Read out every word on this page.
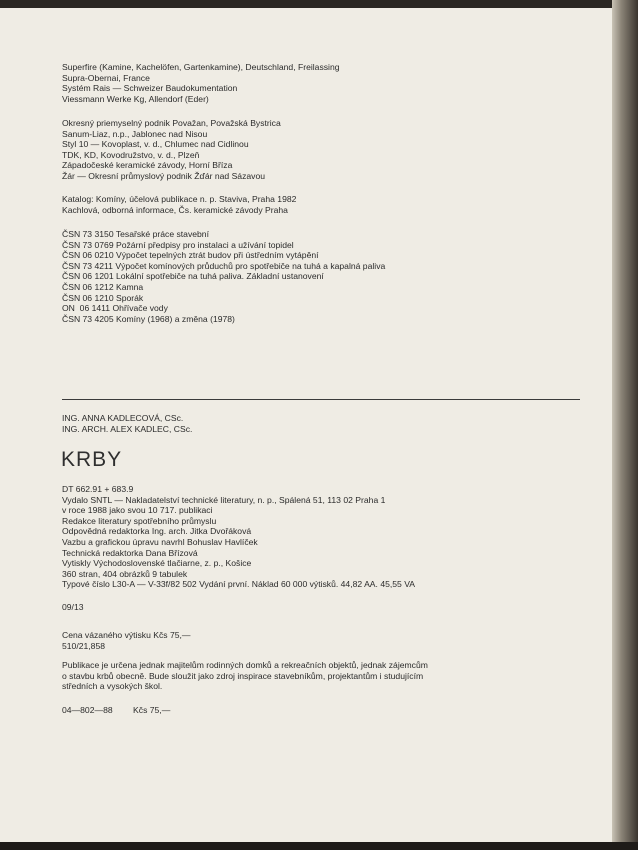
Superfire (Kamine, Kachelöfen, Gartenkamine), Deutschland, Freilassing
Supra-Obernai, France
Systém Rais — Schweizer Baudokumentation
Viessmann Werke Kg, Allendorf (Eder)
Okresný priemyselný podnik Považan, Považská Bystrica
Sanum-Liaz, n.p., Jablonec nad Nisou
Styl 10 — Kovoplast, v. d., Chlumec nad Cidlinou
TDK, KD, Kovodružstvo, v. d., Plzeň
Západočeské keramické závody, Horní Bříza
Žár — Okresní průmyslový podnik Žďár nad Sázavou
Katalog: Komíny, účelová publikace n. p. Staviva, Praha 1982
Kachlová, odborná informace, Čs. keramické závody Praha
ČSN 73 3150 Tesařské práce stavební
ČSN 73 0769 Požární předpisy pro instalaci a užívání topidel
ČSN 06 0210 Výpočet tepelných ztrát budov při ústředním vytápění
ČSN 73 4211 Výpočet komínových průduchů pro spotřebiče na tuhá a kapalná paliva
ČSN 06 1201 Lokální spotřebiče na tuhá paliva. Základní ustanovení
ČSN 06 1212 Kamna
ČSN 06 1210 Sporák
ON  06 1411 Ohřívače vody
ČSN 73 4205 Komíny (1968) a změna (1978)
ING. ANNA KADLECOVÁ, CSc.
ING. ARCH. ALEX KADLEC, CSc.
KRBY
DT 662.91 + 683.9
Vydalo SNTL — Nakladatelství technické literatury, n. p., Spálená 51, 113 02 Praha 1
v roce 1988 jako svou 10 717. publikaci
Redakce literatury spotřebního průmyslu
Odpovědná redaktorka Ing. arch. Jitka Dvořáková
Vazbu a grafickou úpravu navrhl Bohuslav Havlíček
Technická redaktorka Dana Břízová
Vytiskly Východoslovenské tlačiarne, z. p., Košice
360 stran, 404 obrázků 9 tabulek
Typové číslo L30-A — V-33f/82 502 Vydání první. Náklad 60 000 výtisků. 44,82 AA. 45,55 VA
09/13
Cena vázaného výtisku Kčs 75,—
510/21,858
Publikace je určena jednak majitelům rodinných domků a rekreačních objektů, jednak zájemcům
o stavbu krbů obecně. Bude sloužit jako zdroj inspirace stavebníkům, projektantům i studujícím
středních a vysokých škol.
04—802—88 Kčs 75,—
